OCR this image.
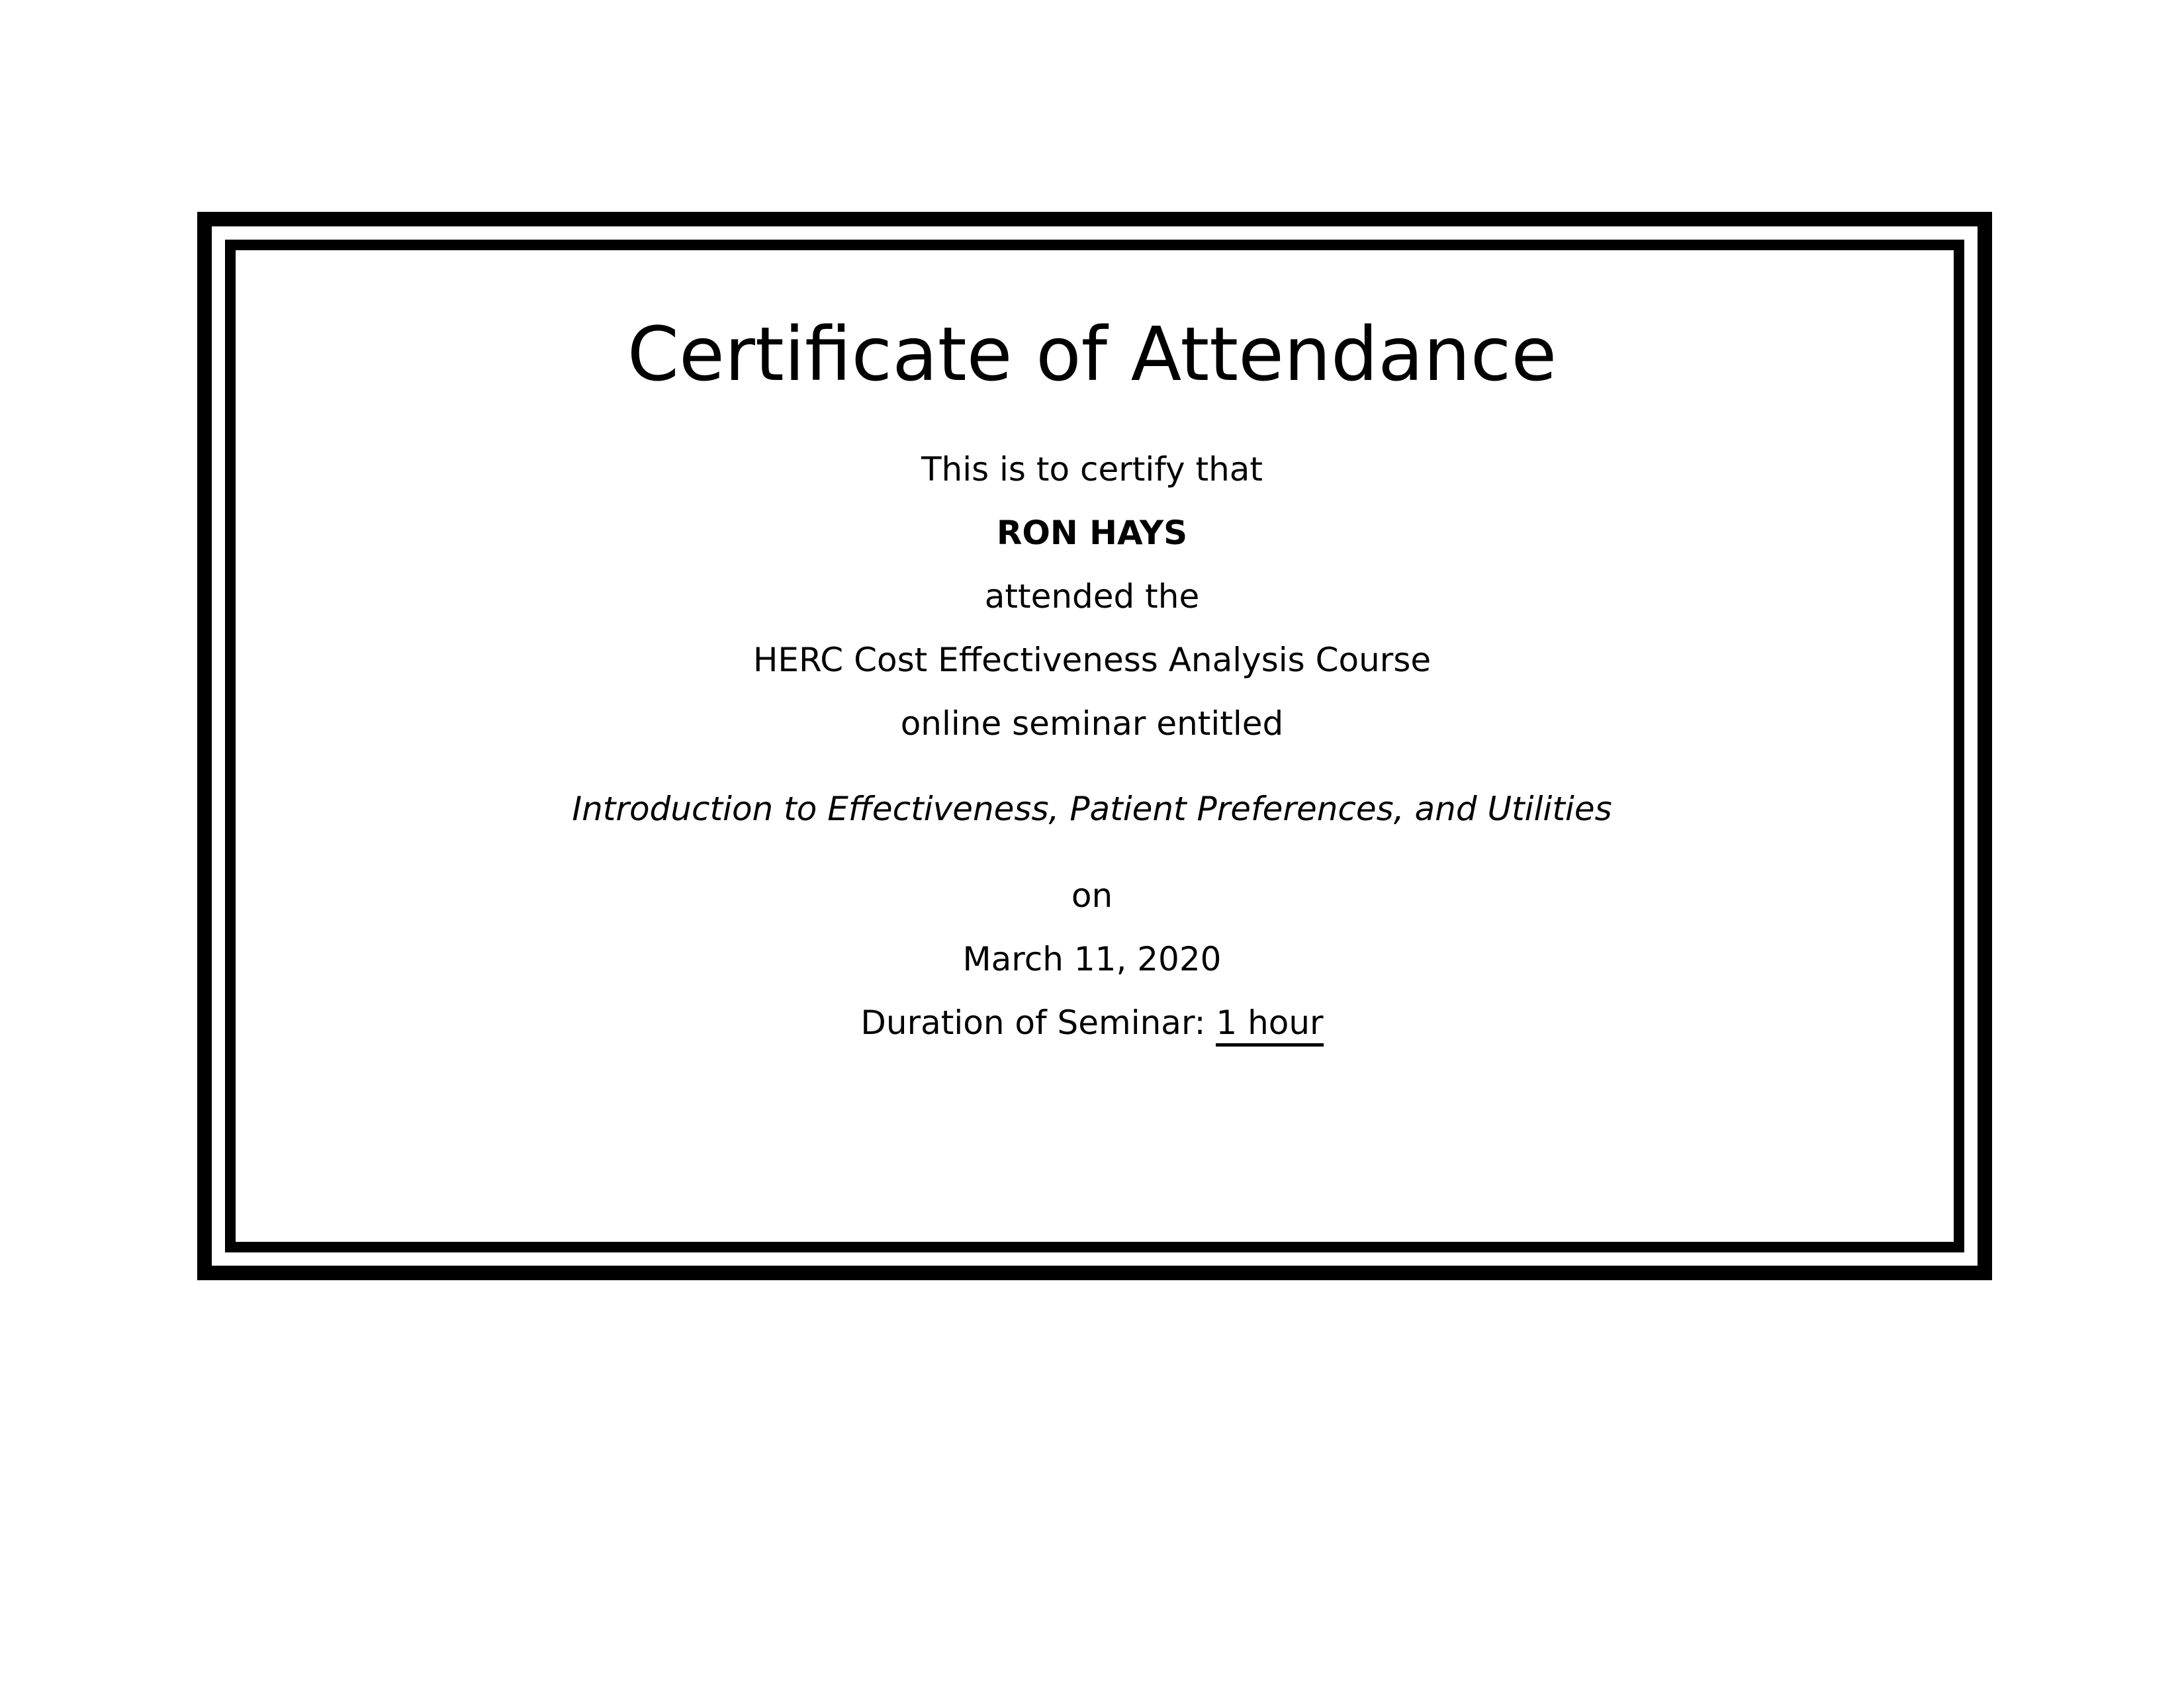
Certificate of Attendance
This is to certify that
RON HAYS
attended the
HERC Cost Effectiveness Analysis Course
online seminar entitled
Introduction to Effectiveness, Patient Preferences, and Utilities
on
March 11, 2020
Duration of Seminar: 1 hour
